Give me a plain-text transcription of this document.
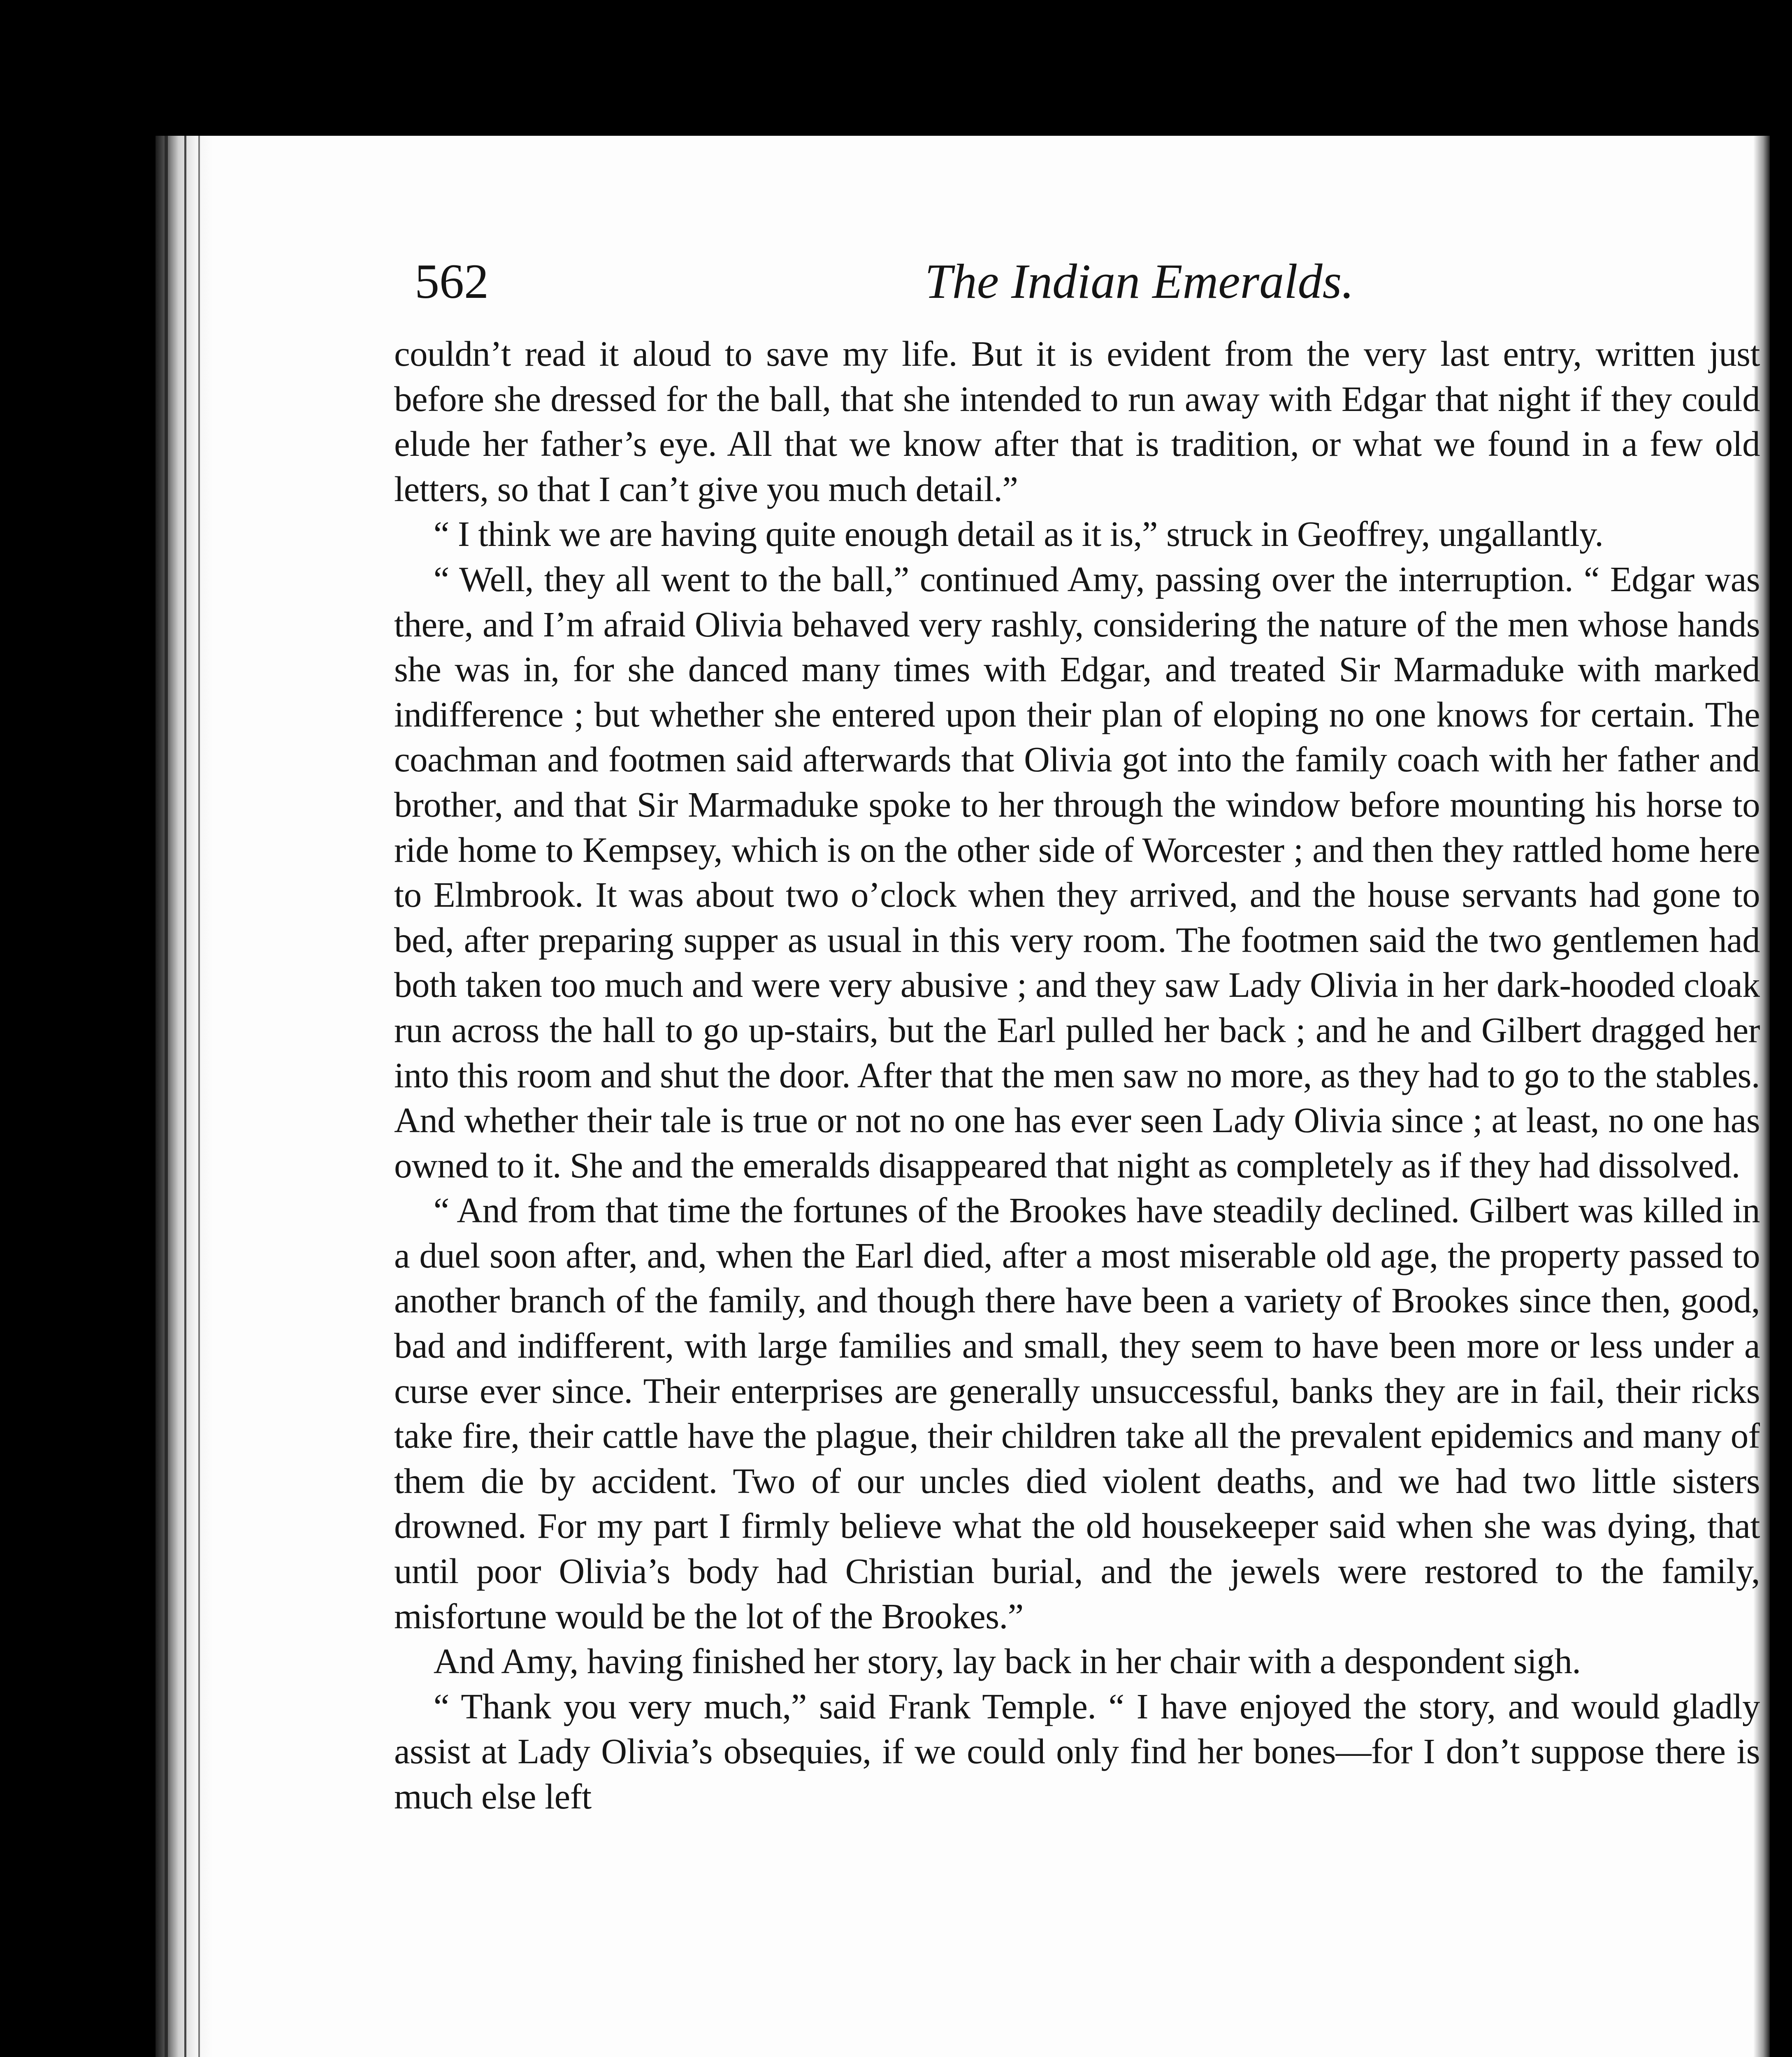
562	The Indian Emeralds.

couldn’t read it aloud to save my life. But it is evident from the very last entry, written just before she dressed for the ball, that she intended to run away with Edgar that night if they could elude her father’s eye. All that we know after that is tradition, or what we found in a few old letters, so that I can’t give you much detail.”

“ I think we are having quite enough detail as it is,” struck in Geoffrey, ungallantly.

“ Well, they all went to the ball,” continued Amy, passing over the interruption. “ Edgar was there, and I’m afraid Olivia behaved very rashly, considering the nature of the men whose hands she was in, for she danced many times with Edgar, and treated Sir Marmaduke with marked indifference ; but whether she entered upon their plan of eloping no one knows for certain. The coachman and footmen said afterwards that Olivia got into the family coach with her father and brother, and that Sir Marmaduke spoke to her through the window before mounting his horse to ride home to Kempsey, which is on the other side of Worcester ; and then they rattled home here to Elmbrook. It was about two o’clock when they arrived, and the house servants had gone to bed, after preparing supper as usual in this very room. The footmen said the two gentlemen had both taken too much and were very abusive ; and they saw Lady Olivia in her dark-hooded cloak run across the hall to go up-stairs, but the Earl pulled her back ; and he and Gilbert dragged her into this room and shut the door. After that the men saw no more, as they had to go to the stables. And whether their tale is true or not no one has ever seen Lady Olivia since ; at least, no one has owned to it. She and the emeralds disappeared that night as completely as if they had dissolved.

“ And from that time the fortunes of the Brookes have steadily declined. Gilbert was killed in a duel soon after, and, when the Earl died, after a most miserable old age, the property passed to another branch of the family, and though there have been a variety of Brookes since then, good, bad and indifferent, with large families and small, they seem to have been more or less under a curse ever since. Their enterprises are generally unsuccessful, banks they are in fail, their ricks take fire, their cattle have the plague, their children take all the prevalent epidemics and many of them die by accident. Two of our uncles died violent deaths, and we had two little sisters drowned. For my part I firmly believe what the old housekeeper said when she was dying, that until poor Olivia’s body had Christian burial, and the jewels were restored to the family, misfortune would be the lot of the Brookes.”

And Amy, having finished her story, lay back in her chair with a despondent sigh.

“ Thank you very much,” said Frank Temple. “ I have enjoyed the story, and would gladly assist at Lady Olivia’s obsequies, if we could only find her bones—for I don’t suppose there is much else left
